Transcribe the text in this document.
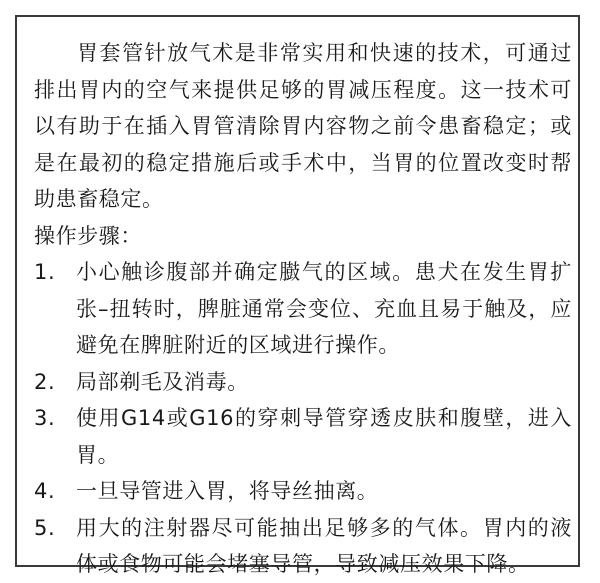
胃套管针放气术是非常实用和快速的技术，可通过排出胃内的空气来提供足够的胃减压程度。这一技术可以有助于在插入胃管清除胃内容物之前令患畜稳定；或是在最初的稳定措施后或手术中，当胃的位置改变时帮助患畜稳定。

操作步骤：

1. 小心触诊腹部并确定臌气的区域。患犬在发生胃扩张–扭转时，脾脏通常会变位、充血且易于触及，应避免在脾脏附近的区域进行操作。
2. 局部剃毛及消毒。
3. 使用G14或G16的穿刺导管穿透皮肤和腹壁，进入胃。
4. 一旦导管进入胃，将导丝抽离。
5. 用大的注射器尽可能抽出足够多的气体。胃内的液体或食物可能会堵塞导管，导致减压效果下降。
